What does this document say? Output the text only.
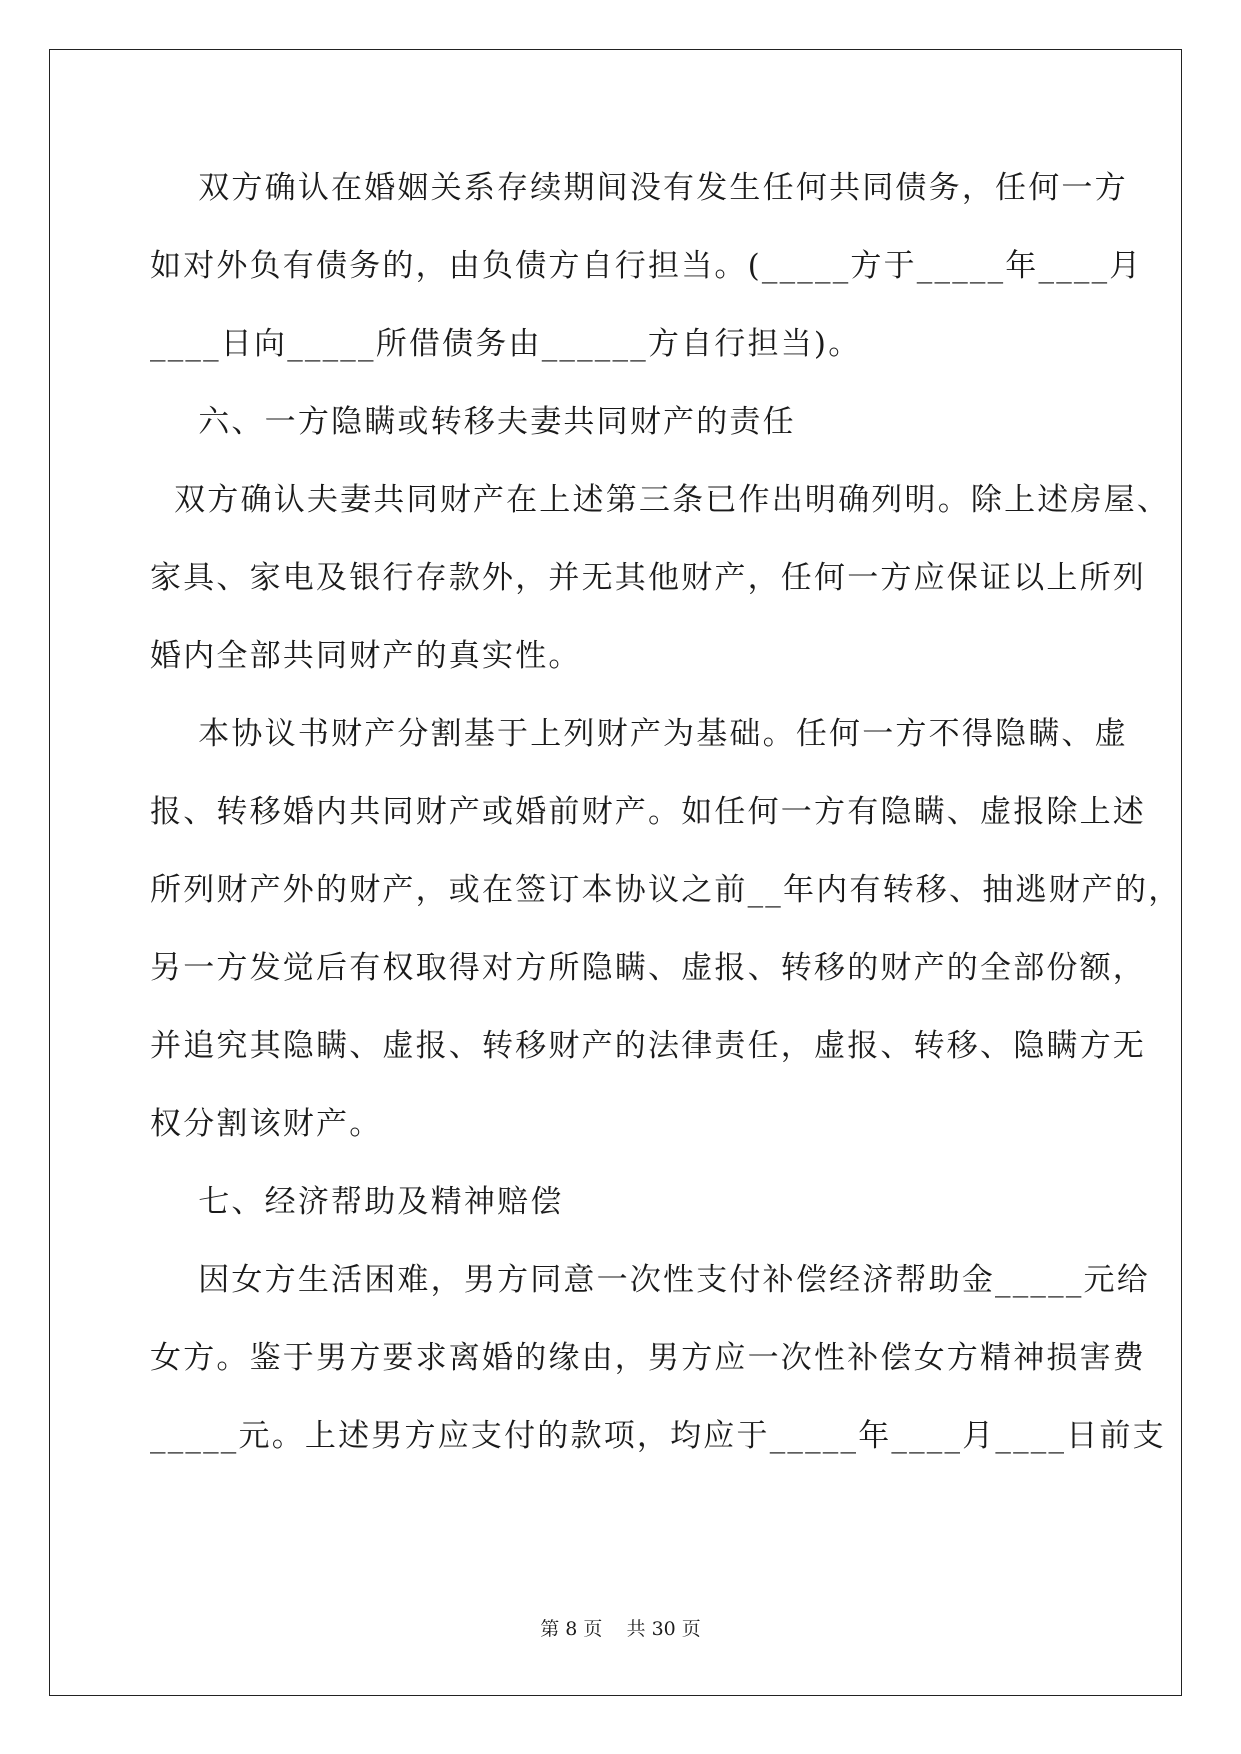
双方确认在婚姻关系存续期间没有发生任何共同债务，任何一方
如对外负有债务的，由负债方自行担当。(_____方于_____年____月
____日向_____所借债务由______方自行担当)。
六、一方隐瞒或转移夫妻共同财产的责任
双方确认夫妻共同财产在上述第三条已作出明确列明。除上述房屋、
家具、家电及银行存款外，并无其他财产，任何一方应保证以上所列
婚内全部共同财产的真实性。
本协议书财产分割基于上列财产为基础。任何一方不得隐瞒、虚
报、转移婚内共同财产或婚前财产。如任何一方有隐瞒、虚报除上述
所列财产外的财产，或在签订本协议之前__年内有转移、抽逃财产的，
另一方发觉后有权取得对方所隐瞒、虚报、转移的财产的全部份额，
并追究其隐瞒、虚报、转移财产的法律责任，虚报、转移、隐瞒方无
权分割该财产。
七、经济帮助及精神赔偿
因女方生活困难，男方同意一次性支付补偿经济帮助金_____元给
女方。鉴于男方要求离婚的缘由，男方应一次性补偿女方精神损害费
_____元。上述男方应支付的款项，均应于_____年____月____日前支
第 8 页    共 30 页
